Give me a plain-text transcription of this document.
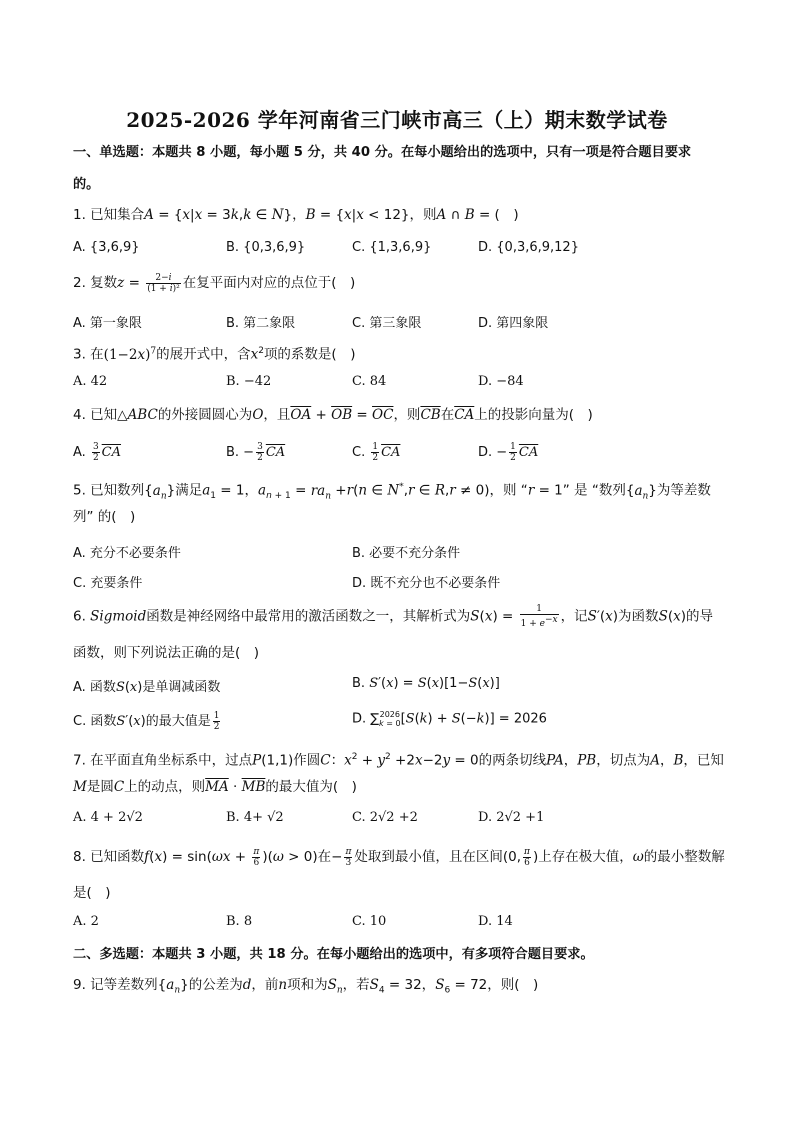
2025-2026 学年河南省三门峡市高三（上）期末数学试卷
一、单选题：本题共 8 小题，每小题 5 分，共 40 分。在每小题给出的选项中，只有一项是符合题目要求
的。
1. 已知集合A = {x|x = 3k,k ∈ N}，B = {x|x < 12}，则A ∩ B = (　)
A. {3,6,9}	B. {0,3,6,9}	C. {1,3,6,9}	D. {0,3,6,9,12}
2. 复数$z = \frac{2-i}{\text{(1 + i)²}}$ 在复平面内对应的点位于(　)
A. 第一象限	B. 第二象限	C. 第三象限	D. 第四象限
3. 在$(1-2x)^7$的展开式中，含$x^2$项的系数是(　)
A. 42	B. −42	C. 84	D. −84
4. 已知△ABC的外接圆圆心为O，且$\overline{OA} + \overline{OB} = \overline{OC}$，则$\overline{CB}$在$\overline{CA}$上的投影向量为(　)
A. $\frac{3}{2} \overline{CA}$	B. − $\frac{3}{2} \overline{CA}$	C. $\frac{1}{2} \overline{CA}$	D. − $\frac{1}{2} \overline{CA}$
5. 已知数列$\{a_n\}$满足$a_1 = 1$，$a_{n + 1} = ra_n +r(n$ ∈ N*,r ∈ R,r ≠ 0)，则 “r = 1” 是 “数列$\{a_n\}$为等差数
列” 的(　)
A. 充分不必要条件	B. 必要不充分条件
C. 充要条件	D. 既不充分也不必要条件
6. Sigmoid函数是神经网络中最常用的激活函数之一，其解析式为$S(x) = \frac{1}{1 + e^{-x}}$ ，记S′(x)为函数S(x)的导
函数，则下列说法正确的是(　)
A. 函数S(x)是单调减函数	B. S′(x) = S(x)[1−S(x)]
C. 函数S′(x)的最大值是 $\frac{1}{2}$	D. ∑ 2026
k = 0 [S(k) + S(−k)] = 2026
7. 在平面直角坐标系中，过点P(1,1)作圆C：$x^2 + y^2 +2x-2y = 0$的两条切线PA，PB，切点为A，B，已知
M是圆C上的动点，则$\overline{MA} \cdot \overline{MB}$的最大值为(　)
A. 4 + 2√2	B. 4+ √2	C. 2√2 +2	D. 2√2 +1
8. 已知函数$f(x) = \sin(\omega x + \frac{\pi}{6} )(\omega > 0)$在− $\frac{\pi}{3}$ 处取到最小值，且在区间(0, $\frac{\pi}{6}$ )上存在极大值，ω的最小整数解
是(　)
A. 2	B. 8	C. 10	D. 14
二、多选题：本题共 3 小题，共 18 分。在每小题给出的选项中，有多项符合题目要求。
9. 记等差数列$\{a_n\}$的公差为d，前n项和为$S_n$，若$S_4 = 32$，$S_6 = 72$，则(　)
